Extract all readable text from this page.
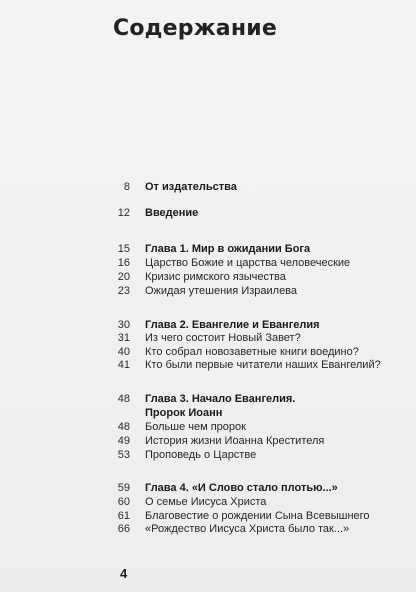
Содержание
8 От издательства
12 Введение
15 Глава 1. Мир в ожидании Бога
16 Царство Божие и царства человеческие
20 Кризис римского язычества
23 Ожидая утешения Израилева
30 Глава 2. Евангелие и Евангелия
31 Из чего состоит Новый Завет?
40 Кто собрал новозаветные книги воедино?
41 Кто были первые читатели наших Евангелий?
48 Глава 3. Начало Евангелия.
Пророк Иоанн
48 Больше чем пророк
49 История жизни Иоанна Крестителя
53 Проповедь о Царстве
59 Глава 4. «И Слово стало плотью...»
60 О семье Иисуса Христа
61 Благовестие о рождении Сына Всевышнего
66 «Рождество Иисуса Христа было так...»
4
